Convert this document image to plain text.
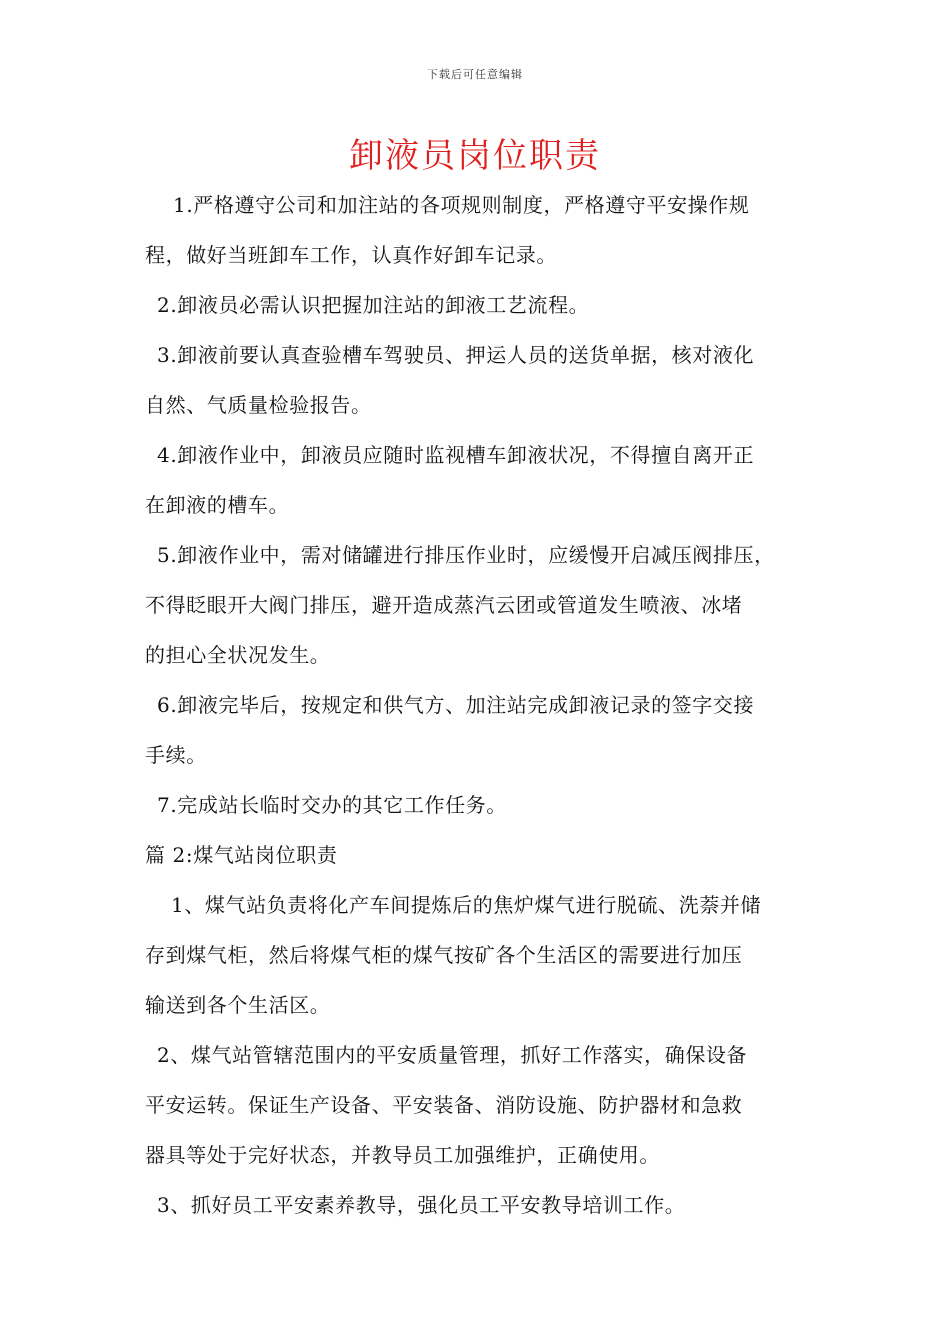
下载后可任意编辑
卸液员岗位职责
1.严格遵守公司和加注站的各项规则制度，严格遵守平安操作规
程，做好当班卸车工作，认真作好卸车记录。
2.卸液员必需认识把握加注站的卸液工艺流程。
3.卸液前要认真查验槽车驾驶员、押运人员的送货单据，核对液化
自然、气质量检验报告。
4.卸液作业中，卸液员应随时监视槽车卸液状况，不得擅自离开正
在卸液的槽车。
5.卸液作业中，需对储罐进行排压作业时，应缓慢开启减压阀排压，
不得眨眼开大阀门排压，避开造成蒸汽云团或管道发生喷液、冰堵
的担心全状况发生。
6.卸液完毕后，按规定和供气方、加注站完成卸液记录的签字交接
手续。
7.完成站长临时交办的其它工作任务。
篇 2:煤气站岗位职责
1、煤气站负责将化产车间提炼后的焦炉煤气进行脱硫、洗萘并储
存到煤气柜，然后将煤气柜的煤气按矿各个生活区的需要进行加压
输送到各个生活区。
2、煤气站管辖范围内的平安质量管理，抓好工作落实，确保设备
平安运转。保证生产设备、平安装备、消防设施、防护器材和急救
器具等处于完好状态，并教导员工加强维护，正确使用。
3、抓好员工平安素养教导，强化员工平安教导培训工作。
